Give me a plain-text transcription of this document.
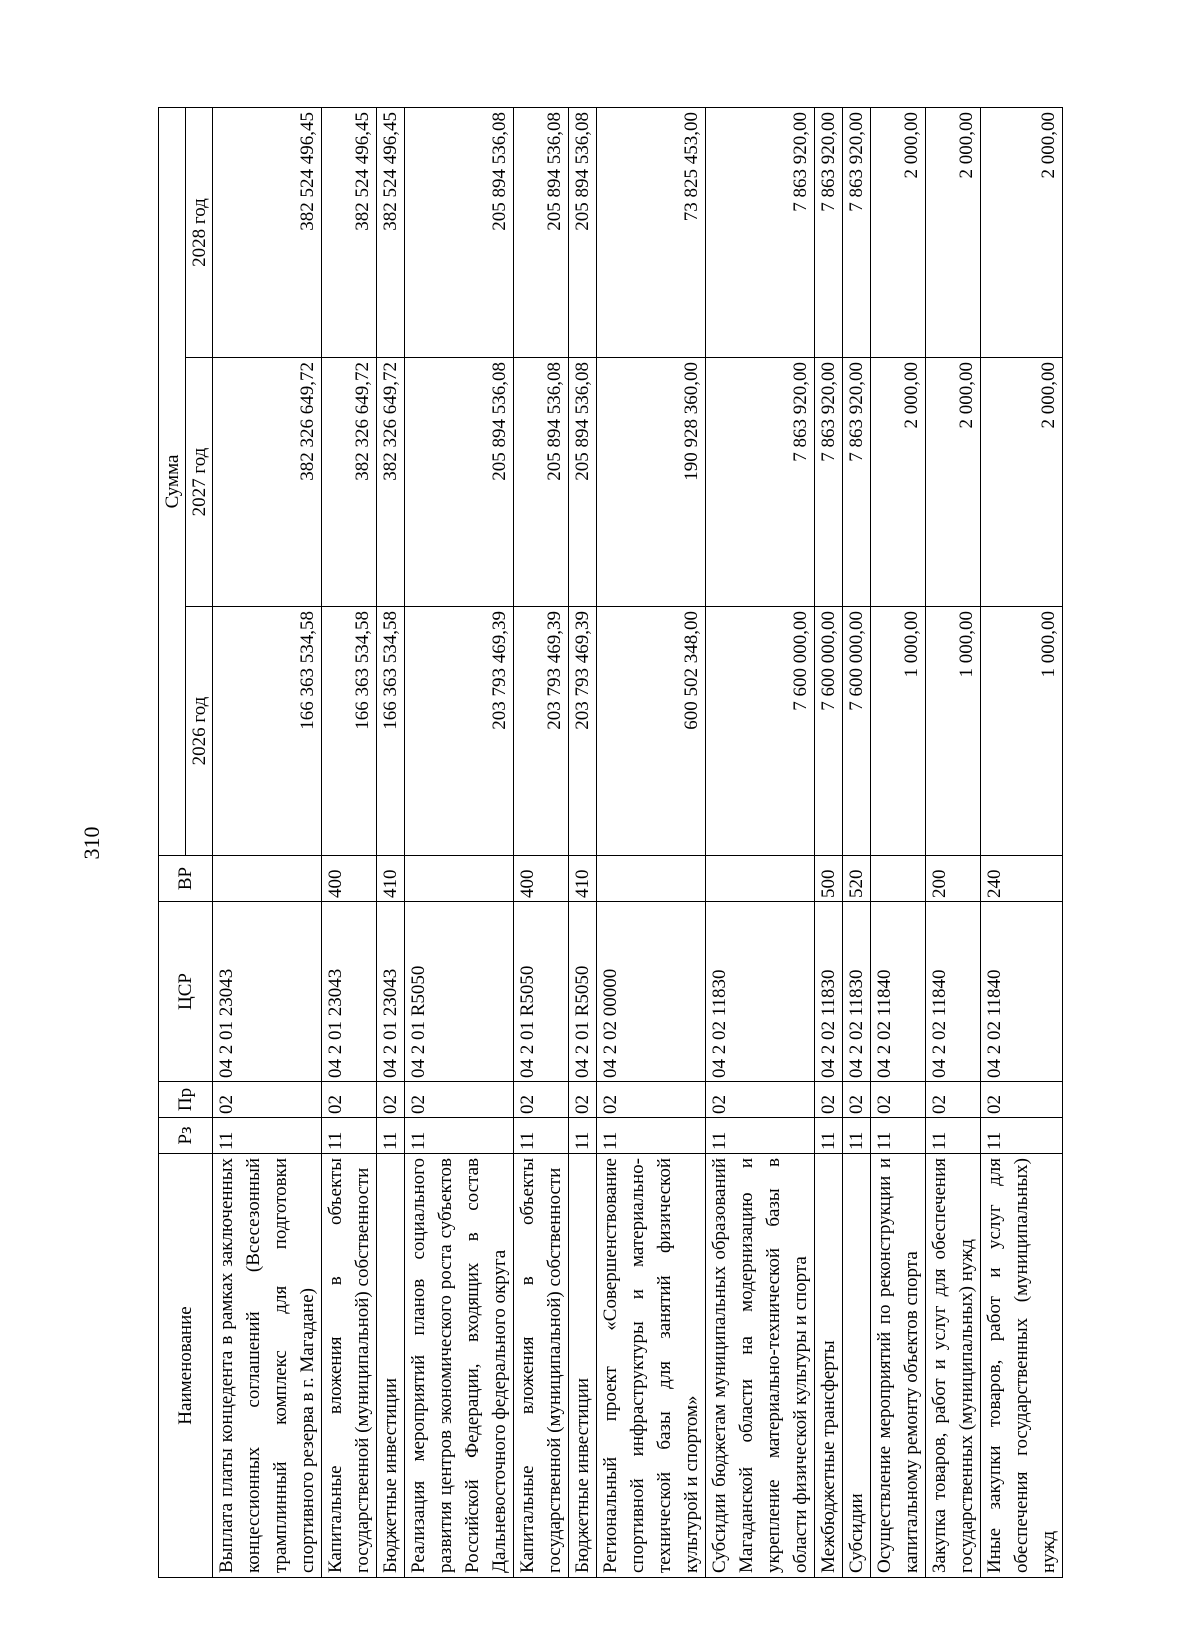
310
Наименование	Рз	Пр	ЦСР	ВР	Сумма		
					2026 год	2027 год	2028 год
Выплата платы концедента в рамках заключенных концессионных соглашений (Всесезонный трамплинный комплекс для подготовки спортивного резерва в г. Магадане)	11	02	04 2 01 23043		166 363 534,58	382 326 649,72	382 524 496,45
Капитальные вложения в объекты государственной (муниципальной) собственности	11	02	04 2 01 23043	400	166 363 534,58	382 326 649,72	382 524 496,45
Бюджетные инвестиции	11	02	04 2 01 23043	410	166 363 534,58	382 326 649,72	382 524 496,45
Реализация мероприятий планов социального развития центров экономического роста субъектов Российской Федерации, входящих в состав Дальневосточного федерального округа	11	02	04 2 01 R5050		203 793 469,39	205 894 536,08	205 894 536,08
Капитальные вложения в объекты государственной (муниципальной) собственности	11	02	04 2 01 R5050	400	203 793 469,39	205 894 536,08	205 894 536,08
Бюджетные инвестиции	11	02	04 2 01 R5050	410	203 793 469,39	205 894 536,08	205 894 536,08
Региональный проект «Совершенствование спортивной инфраструктуры и материально-технической базы для занятий физической культурой и спортом»	11	02	04 2 02 00000		600 502 348,00	190 928 360,00	73 825 453,00
Субсидии бюджетам муниципальных образований Магаданской области на модернизацию и укрепление материально-технической базы в области физической культуры и спорта	11	02	04 2 02 11830		7 600 000,00	7 863 920,00	7 863 920,00
Межбюджетные трансферты	11	02	04 2 02 11830	500	7 600 000,00	7 863 920,00	7 863 920,00
Субсидии	11	02	04 2 02 11830	520	7 600 000,00	7 863 920,00	7 863 920,00
Осуществление мероприятий по реконструкции и капитальному ремонту объектов спорта	11	02	04 2 02 11840		1 000,00	2 000,00	2 000,00
Закупка товаров, работ и услуг для обеспечения государственных (муниципальных) нужд	11	02	04 2 02 11840	200	1 000,00	2 000,00	2 000,00
Иные закупки товаров, работ и услуг для обеспечения государственных (муниципальных) нужд	11	02	04 2 02 11840	240	1 000,00	2 000,00	2 000,00
